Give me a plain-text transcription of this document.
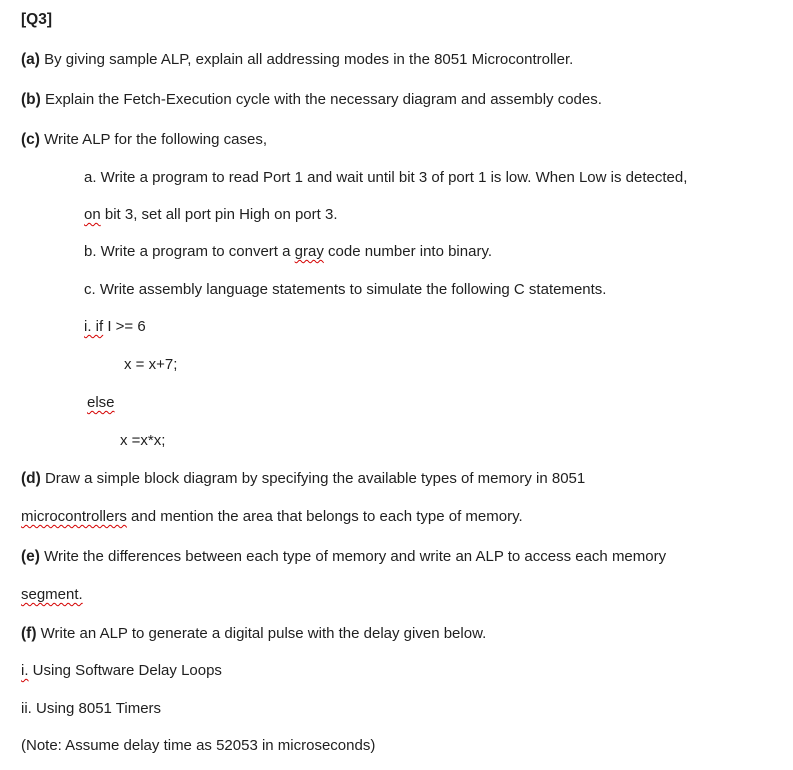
[Q3]
(a) By giving sample ALP, explain all addressing modes in the 8051 Microcontroller.
(b) Explain the Fetch-Execution cycle with the necessary diagram and assembly codes.
(c) Write ALP for the following cases,
a. Write a program to read Port 1 and wait until bit 3 of port 1 is low. When Low is detected,
on bit 3, set all port pin High on port 3.
b. Write a program to convert a gray code number into binary.
c. Write assembly language statements to simulate the following C statements.
i. if I >= 6
x = x+7;
else
x =x*x;
(d) Draw a simple block diagram by specifying the available types of memory in 8051
microcontrollers and mention the area that belongs to each type of memory.
(e) Write the differences between each type of memory and write an ALP to access each memory
segment.
(f) Write an ALP to generate a digital pulse with the delay given below.
i. Using Software Delay Loops
ii. Using 8051 Timers
(Note: Assume delay time as 52053 in microseconds)
